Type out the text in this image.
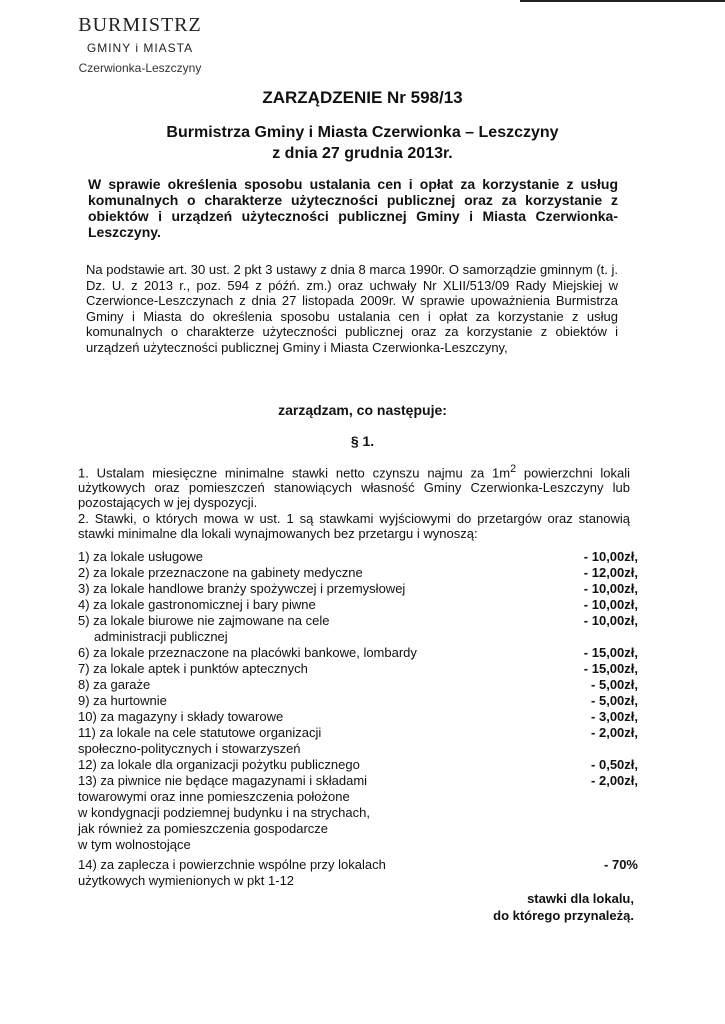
BURMISTRZ
GMINY i MIASTA
Czerwionka-Leszczyny
ZARZĄDZENIE Nr 598/13
Burmistrza Gminy i Miasta Czerwionka – Leszczyny
z dnia 27 grudnia 2013r.
W sprawie określenia sposobu ustalania cen i opłat za korzystanie z usług komunalnych o charakterze użyteczności publicznej oraz za korzystanie z obiektów i urządzeń użyteczności publicznej Gminy i Miasta Czerwionka-Leszczyny.
Na podstawie art. 30 ust. 2 pkt 3 ustawy z dnia 8 marca 1990r. O samorządzie gminnym (t. j. Dz. U. z 2013 r., poz. 594 z późń. zm.) oraz uchwały Nr XLII/513/09 Rady Miejskiej w Czerwionce-Leszczynach z dnia 27 listopada 2009r. W sprawie upoważnienia Burmistrza Gminy i Miasta do określenia sposobu ustalania cen i opłat za korzystanie z usług komunalnych o charakterze użyteczności publicznej oraz za korzystanie z obiektów i urządzeń użyteczności publicznej Gminy i Miasta Czerwionka-Leszczyny,
zarządzam, co następuje:
§ 1.
1. Ustalam miesięczne minimalne stawki netto czynszu najmu za $1m^2$ powierzchni lokali użytkowych oraz pomieszczeń stanowiących własność Gminy Czerwionka-Leszczyny lub pozostających w jej dyspozycji.
2. Stawki, o których mowa w ust. 1 są stawkami wyjściowymi do przetargów oraz stanowią stawki minimalne dla lokali wynajmowanych bez przetargu i wynoszą:
1) za lokale usługowe	- 10,00zł,
2) za lokale przeznaczone na gabinety medyczne	- 12,00zł,
3) za lokale handlowe branży spożywczej i przemysłowej	- 10,00zł,
4) za lokale gastronomicznej i bary piwne	- 10,00zł,
5) za lokale biurowe nie zajmowane na cele	- 10,00zł,
administracji publicznej
6) za lokale przeznaczone na placówki bankowe, lombardy	- 15,00zł,
7) za lokale aptek i punktów aptecznych	- 15,00zł,
8) za garaże	- 5,00zł,
9) za hurtownie	- 5,00zł,
10) za magazyny i składy towarowe	- 3,00zł,
11) za lokale na cele statutowe organizacji	- 2,00zł,
społeczno-politycznych i stowarzyszeń
12) za lokale dla organizacji pożytku publicznego	- 0,50zł,
13) za piwnice nie będące magazynami i składami	- 2,00zł,
towarowymi oraz inne pomieszczenia położone
w kondygnacji podziemnej budynku i na strychach,
jak również za pomieszczenia gospodarcze
w tym wolnostojące
14) za zaplecza i powierzchnie wspólne przy lokalach	- 70%
użytkowych wymienionych w pkt 1-12
stawki dla lokalu,
do którego przynależą.
